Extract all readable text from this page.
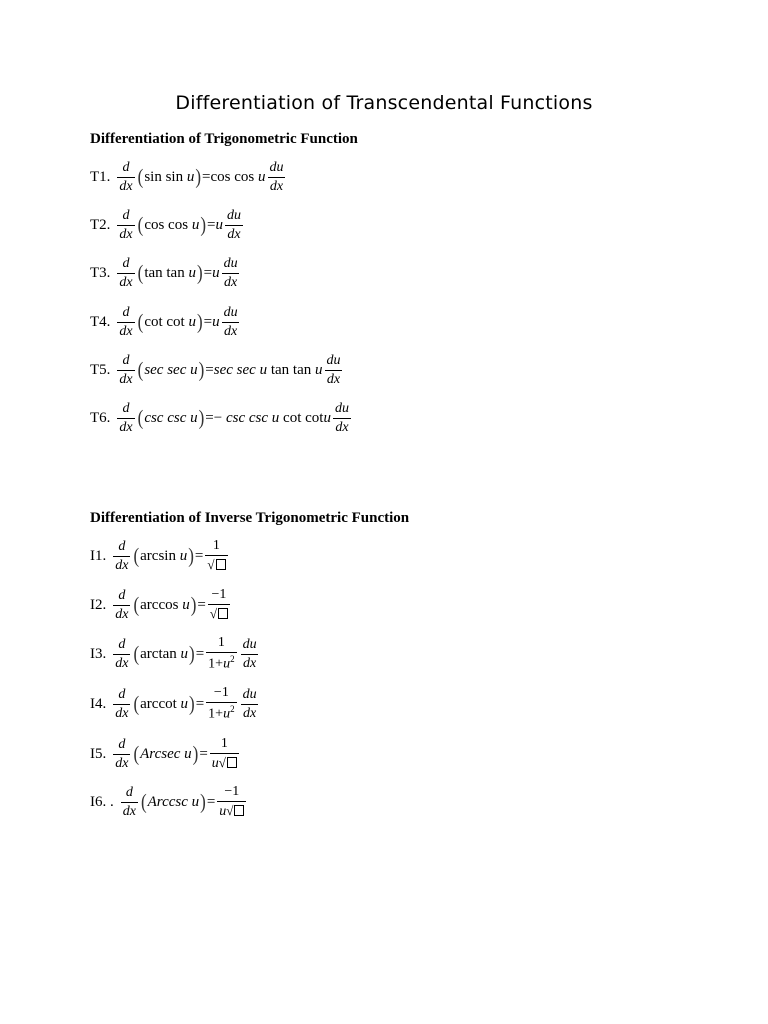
Differentiation of Transcendental Functions
Differentiation of Trigonometric Function
T1. $\frac{d}{dx}$ ( sin sin u ) = cos cos u $\frac{du}{dx}$
T2. $\frac{d}{dx}$ ( cos cos u ) = u $\frac{du}{dx}$
T3. $\frac{d}{dx}$ ( tan tan u ) = u $\frac{du}{dx}$
T4. $\frac{d}{dx}$ ( cot cot u ) = u $\frac{du}{dx}$
T5. $\frac{d}{dx}$ ( sec sec u ) = sec sec u tan tan u $\frac{du}{dx}$
T6. $\frac{d}{dx}$ ( csc csc u ) = − csc csc u cot cotu $\frac{du}{dx}$
Differentiation of Inverse Trigonometric Function
I1. $\frac{d}{dx}$ ( arcsin u ) = $\frac{1}{√}$
I2. $\frac{d}{dx}$ ( arccos u ) = $\frac{-1}{√}$
I3. $\frac{d}{dx}$ ( arctan u ) = $\frac{1}{1+u^2} \frac{du}{dx}$
I4. $\frac{d}{dx}$ ( arccot u ) = $\frac{-1}{1+u^2} \frac{du}{dx}$
I5. $\frac{d}{dx}$ ( Arcsec u ) = $\frac{1}{u√}$
I6. . $\frac{d}{dx}$ ( Arccsc u ) = $\frac{-1}{u√}$
